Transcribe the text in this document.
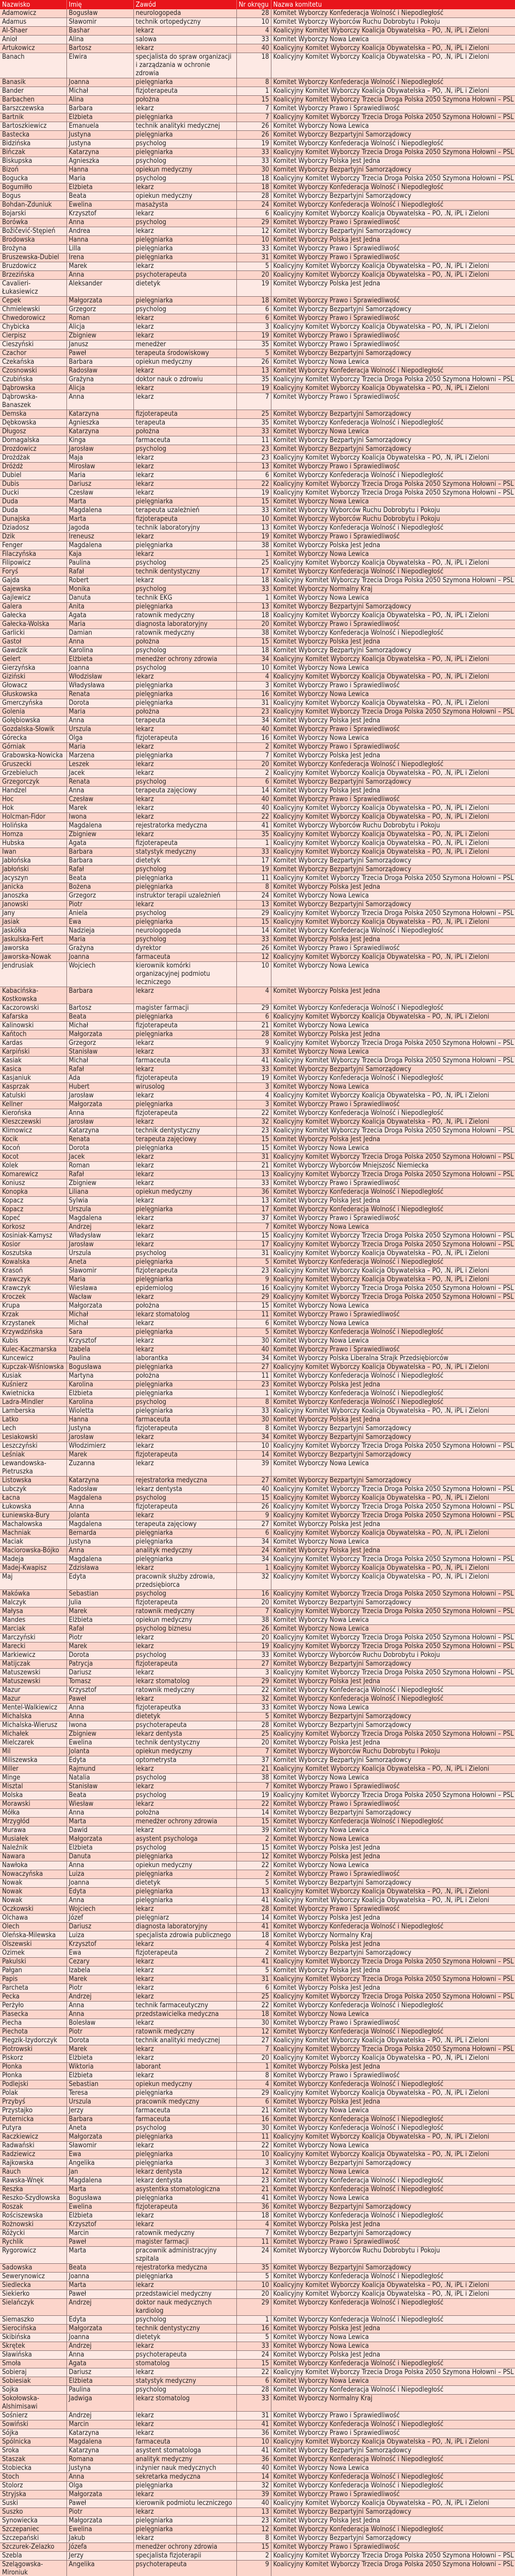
Nazwisko	Imię	Zawód	Nr okręgu	Nazwa komitetu
Adamowicz	Bogusław	neurologopeda	28	Komitet Wyborczy Konfederacja Wolność i Niepodległość
Adamus	Sławomir	technik ortopedyczny	10	Komitet Wyborczy Wyborców Ruchu Dobrobytu i Pokoju
Al-Shaer	Bashar	lekarz	4	Koalicyjny Komitet Wyborczy Koalicja Obywatelska – PO, .N, iPL i Zieloni
Anioł	Alina	salowa	33	Komitet Wyborczy Nowa Lewica
Artukowicz	Bartosz	lekarz	40	Koalicyjny Komitet Wyborczy Koalicja Obywatelska – PO, .N, iPL i Zieloni
Banach	Elwira	specjalista do spraw organizacji i zarządzania w ochronie zdrowia	18	Koalicyjny Komitet Wyborczy Koalicja Obywatelska – PO, .N, iPL i Zieloni
Banasik	Joanna	pielęgniarka	8	Komitet Wyborczy Konfederacja Wolność i Niepodległość
Bander	Michał	fizjoterapeuta	1	Koalicyjny Komitet Wyborczy Koalicja Obywatelska – PO, .N, iPL i Zieloni
Barbachen	Alina	położna	15	Koalicyjny Komitet Wyborczy Trzecia Droga Polska 2050 Szymona Hołowni – PSL
Barszczewska	Barbara	lekarz	7	Komitet Wyborczy Prawo i Sprawiedliwość
Bartnik	Elżbieta	pielęgniarka	7	Koalicyjny Komitet Wyborczy Trzecia Droga Polska 2050 Szymona Hołowni – PSL
Bartoszkiewicz	Emanuela	technik analityki medycznej	26	Komitet Wyborczy Nowa Lewica
Bastecka	Justyna	pielęgniarka	26	Komitet Wyborczy Bezpartyjni Samorządowcy
Bidzińska	Justyna	psycholog	19	Komitet Wyborczy Konfederacja Wolność i Niepodległość
Bińczak	Katarzyna	pielęgniarka	33	Koalicyjny Komitet Wyborczy Trzecia Droga Polska 2050 Szymona Hołowni – PSL
Biskupska	Agnieszka	psycholog	33	Komitet Wyborczy Polska Jest Jedna
Bizoń	Hanna	opiekun medyczny	30	Komitet Wyborczy Bezpartyjni Samorządowcy
Bogucka	Maria	psycholog	18	Koalicyjny Komitet Wyborczy Trzecia Droga Polska 2050 Szymona Hołowni – PSL
Bogumiłło	Elżbieta	lekarz	18	Komitet Wyborczy Konfederacja Wolność i Niepodległość
Bogus	Beata	opiekun medyczny	28	Komitet Wyborczy Bezpartyjni Samorządowcy
Bohdan-Zduniuk	Ewelina	masażysta	24	Komitet Wyborczy Konfederacja Wolność i Niepodległość
Bojarski	Krzysztof	lekarz	6	Koalicyjny Komitet Wyborczy Koalicja Obywatelska – PO, .N, iPL i Zieloni
Borówka	Anna	psycholog	29	Komitet Wyborczy Prawo i Sprawiedliwość
Božičević-Stępień	Andrea	lekarz	12	Komitet Wyborczy Bezpartyjni Samorządowcy
Brodowska	Hanna	pielęgniarka	10	Komitet Wyborczy Polska Jest Jedna
Brożyna	Lilla	pielęgniarka	33	Komitet Wyborczy Prawo i Sprawiedliwość
Bruszewska-Dubiel	Irena	pielęgniarka	31	Komitet Wyborczy Prawo i Sprawiedliwość
Bruzdowicz	Marek	lekarz	5	Koalicyjny Komitet Wyborczy Koalicja Obywatelska – PO, .N, iPL i Zieloni
Brzezińska	Anna	psychoterapeuta	20	Koalicyjny Komitet Wyborczy Koalicja Obywatelska – PO, .N, iPL i Zieloni
Cavalieri-Łukasiewicz	Aleksander	dietetyk	19	Komitet Wyborczy Polska Jest Jedna
Cepek	Małgorzata	pielęgniarka	18	Komitet Wyborczy Prawo i Sprawiedliwość
Chmielewski	Grzegorz	psycholog	6	Komitet Wyborczy Bezpartyjni Samorządowcy
Chwedorowicz	Roman	lekarz	6	Komitet Wyborczy Prawo i Sprawiedliwość
Chybicka	Alicja	lekarz	3	Koalicyjny Komitet Wyborczy Koalicja Obywatelska – PO, .N, iPL i Zieloni
Cierpisz	Zbigniew	lekarz	19	Komitet Wyborczy Prawo i Sprawiedliwość
Cieszyński	Janusz	menedżer	35	Komitet Wyborczy Prawo i Sprawiedliwość
Czachor	Paweł	terapeuta środowiskowy	5	Komitet Wyborczy Bezpartyjni Samorządowcy
Czekańska	Barbara	opiekun medyczny	26	Komitet Wyborczy Nowa Lewica
Czosnowski	Radosław	lekarz	13	Komitet Wyborczy Konfederacja Wolność i Niepodległość
Czubińska	Grażyna	doktor nauk o zdrowiu	35	Koalicyjny Komitet Wyborczy Trzecia Droga Polska 2050 Szymona Hołowni – PSL
Dąbrowska	Alicja	lekarz	19	Koalicyjny Komitet Wyborczy Koalicja Obywatelska – PO, .N, iPL i Zieloni
Dąbrowska-Banaszek	Anna	lekarz	7	Komitet Wyborczy Prawo i Sprawiedliwość
Demska	Katarzyna	fizjoterapeuta	25	Komitet Wyborczy Bezpartyjni Samorządowcy
Dębkowska	Agnieszka	terapeuta	35	Komitet Wyborczy Konfederacja Wolność i Niepodległość
Długosz	Katarzyna	położna	33	Komitet Wyborczy Nowa Lewica
Domagalska	Kinga	farmaceuta	11	Komitet Wyborczy Bezpartyjni Samorządowcy
Drozdowicz	Jarosław	psycholog	23	Komitet Wyborczy Bezpartyjni Samorządowcy
Drożdżak	Maja	lekarz	23	Koalicyjny Komitet Wyborczy Koalicja Obywatelska – PO, .N, iPL i Zieloni
Dróżdż	Mirosław	lekarz	13	Komitet Wyborczy Prawo i Sprawiedliwość
Dubiel	Maria	lekarz	6	Komitet Wyborczy Konfederacja Wolność i Niepodległość
Dubis	Dariusz	lekarz	22	Koalicyjny Komitet Wyborczy Trzecia Droga Polska 2050 Szymona Hołowni – PSL
Ducki	Czesław	lekarz	19	Koalicyjny Komitet Wyborczy Trzecia Droga Polska 2050 Szymona Hołowni – PSL
Duda	Marta	pielęgniarka	15	Komitet Wyborczy Nowa Lewica
Duda	Magdalena	terapeuta uzależnień	33	Komitet Wyborczy Wyborców Ruchu Dobrobytu i Pokoju
Dunajska	Marta	fizjoterapeuta	10	Komitet Wyborczy Wyborców Ruchu Dobrobytu i Pokoju
Dziadosz	Jagoda	technik laboratoryjny	13	Komitet Wyborczy Konfederacja Wolność i Niepodległość
Dzik	Ireneusz	lekarz	19	Komitet Wyborczy Prawo i Sprawiedliwość
Fenger	Magdalena	pielęgniarka	38	Komitet Wyborczy Polska Jest Jedna
Filaczyńska	Kaja	lekarz	1	Komitet Wyborczy Nowa Lewica
Filipowicz	Paulina	psycholog	25	Koalicyjny Komitet Wyborczy Koalicja Obywatelska – PO, .N, iPL i Zieloni
Foryś	Rafał	technik dentystyczny	17	Komitet Wyborczy Konfederacja Wolność i Niepodległość
Gajda	Robert	lekarz	18	Koalicyjny Komitet Wyborczy Trzecia Droga Polska 2050 Szymona Hołowni – PSL
Gajewska	Monika	psycholog	33	Komitet Wyborczy Normalny Kraj
Gajlewicz	Danuta	technik EKG	1	Komitet Wyborczy Nowa Lewica
Galera	Anita	pielęgniarka	13	Komitet Wyborczy Bezpartyjni Samorządowcy
Gałecka	Agata	ratownik medyczny	18	Koalicyjny Komitet Wyborczy Koalicja Obywatelska – PO, .N, iPL i Zieloni
Gałecka-Wolska	Maria	diagnosta laboratoryjny	20	Komitet Wyborczy Prawo i Sprawiedliwość
Garlicki	Damian	ratownik medyczny	38	Komitet Wyborczy Konfederacja Wolność i Niepodległość
Gastoł	Anna	położna	15	Komitet Wyborczy Polska Jest Jedna
Gawdzik	Karolina	psycholog	18	Komitet Wyborczy Bezpartyjni Samorządowcy
Gelert	Elżbieta	menedżer ochrony zdrowia	34	Koalicyjny Komitet Wyborczy Koalicja Obywatelska – PO, .N, iPL i Zieloni
Gierzyńska	Joanna	psycholog	10	Komitet Wyborczy Nowa Lewica
Giziński	Włodzisław	lekarz	4	Koalicyjny Komitet Wyborczy Koalicja Obywatelska – PO, .N, iPL i Zieloni
Głowacz	Władysława	pielęgniarka	3	Komitet Wyborczy Prawo i Sprawiedliwość
Głuskowska	Renata	pielęgniarka	16	Komitet Wyborczy Nowa Lewica
Gmerczyńska	Dorota	pielęgniarka	31	Koalicyjny Komitet Wyborczy Koalicja Obywatelska – PO, .N, iPL i Zieloni
Golenia	Maria	położna	23	Koalicyjny Komitet Wyborczy Trzecia Droga Polska 2050 Szymona Hołowni – PSL
Gołębiowska	Anna	terapeuta	34	Komitet Wyborczy Polska Jest Jedna
Gozdalska-Słowik	Urszula	lekarz	40	Komitet Wyborczy Prawo i Sprawiedliwość
Górecka	Olga	fizjoterapeuta	16	Komitet Wyborczy Nowa Lewica
Górniak	Maria	lekarz	2	Komitet Wyborczy Prawo i Sprawiedliwość
Grabowska-Nowicka	Marzena	pielęgniarka	7	Komitet Wyborczy Polska Jest Jedna
Gruszecki	Leszek	lekarz	20	Komitet Wyborczy Konfederacja Wolność i Niepodległość
Grzebieluch	Jacek	lekarz	2	Koalicyjny Komitet Wyborczy Koalicja Obywatelska – PO, .N, iPL i Zieloni
Grzegorczyk	Renata	psycholog	6	Komitet Wyborczy Bezpartyjni Samorządowcy
Handzel	Anna	terapeuta zajęciowy	14	Komitet Wyborczy Polska Jest Jedna
Hoc	Czesław	lekarz	40	Komitet Wyborczy Prawo i Sprawiedliwość
Hok	Marek	lekarz	40	Koalicyjny Komitet Wyborczy Koalicja Obywatelska – PO, .N, iPL i Zieloni
Holcman-Fidor	Iwona	lekarz	22	Koalicyjny Komitet Wyborczy Koalicja Obywatelska – PO, .N, iPL i Zieloni
Holińska	Magdalena	rejestratorka medyczna	41	Komitet Wyborczy Wyborców Ruchu Dobrobytu i Pokoju
Homza	Zbigniew	lekarz	35	Koalicyjny Komitet Wyborczy Koalicja Obywatelska – PO, .N, iPL i Zieloni
Hubska	Agata	fizjoterapeuta	1	Koalicyjny Komitet Wyborczy Koalicja Obywatelska – PO, .N, iPL i Zieloni
Iwan	Barbara	statystyk medyczny	33	Koalicyjny Komitet Wyborczy Koalicja Obywatelska – PO, .N, iPL i Zieloni
Jabłońska	Barbara	dietetyk	17	Komitet Wyborczy Bezpartyjni Samorządowcy
Jabłoński	Rafał	psycholog	19	Komitet Wyborczy Bezpartyjni Samorządowcy
Jacyszyn	Beata	pielęgniarka	11	Koalicyjny Komitet Wyborczy Trzecia Droga Polska 2050 Szymona Hołowni – PSL
Janicka	Bożena	pielęgniarka	8	Komitet Wyborczy Polska Jest Jedna
Janoszka	Grzegorz	instruktor terapii uzależnień	24	Komitet Wyborczy Nowa Lewica
Janowski	Piotr	lekarz	13	Komitet Wyborczy Bezpartyjni Samorządowcy
Jany	Aniela	psycholog	29	Koalicyjny Komitet Wyborczy Trzecia Droga Polska 2050 Szymona Hołowni – PSL
Jasiak	Ewa	pielęgniarka	15	Koalicyjny Komitet Wyborczy Koalicja Obywatelska – PO, .N, iPL i Zieloni
Jaskółka	Nadzieja	neurologopeda	14	Komitet Wyborczy Konfederacja Wolność i Niepodległość
Jaskulska-Fert	Maria	psycholog	33	Komitet Wyborczy Polska Jest Jedna
Jaworska	Grażyna	dyrektor	26	Komitet Wyborczy Prawo i Sprawiedliwość
Jaworska-Nowak	Joanna	farmaceuta	12	Koalicyjny Komitet Wyborczy Koalicja Obywatelska – PO, .N, iPL i Zieloni
Jendrusiak	Wojciech	kierownik komórki organizacyjnej podmiotu leczniczego	10	Komitet Wyborczy Nowa Lewica
Kabacińska-Kostkowska	Barbara	lekarz	4	Komitet Wyborczy Polska Jest Jedna
Kaczorowski	Bartosz	magister farmacji	29	Komitet Wyborczy Konfederacja Wolność i Niepodległość
Kafarska	Beata	pielęgniarka	6	Koalicyjny Komitet Wyborczy Koalicja Obywatelska – PO, .N, iPL i Zieloni
Kalinowski	Michał	fizjoterapeuta	21	Komitet Wyborczy Nowa Lewica
Kańtoch	Małgorzata	pielęgniarka	28	Komitet Wyborczy Polska Jest Jedna
Kardas	Grzegorz	lekarz	9	Koalicyjny Komitet Wyborczy Trzecia Droga Polska 2050 Szymona Hołowni – PSL
Karpiński	Stanisław	lekarz	33	Komitet Wyborczy Nowa Lewica
Kasiak	Michał	farmaceuta	41	Koalicyjny Komitet Wyborczy Trzecia Droga Polska 2050 Szymona Hołowni – PSL
Kasica	Rafał	lekarz	33	Komitet Wyborczy Bezpartyjni Samorządowcy
Kasjaniuk	Ada	fizjoterapeuta	19	Komitet Wyborczy Konfederacja Wolność i Niepodległość
Kasprzak	Hubert	wirusolog	3	Komitet Wyborczy Nowa Lewica
Katulski	Jarosław	lekarz	4	Koalicyjny Komitet Wyborczy Koalicja Obywatelska – PO, .N, iPL i Zieloni
Kellner	Małgorzata	pielęgniarka	3	Komitet Wyborczy Prawo i Sprawiedliwość
Kierońska	Anna	fizjoterapeuta	22	Komitet Wyborczy Konfederacja Wolność i Niepodległość
Kleszczewski	Jarosław	lekarz	32	Koalicyjny Komitet Wyborczy Koalicja Obywatelska – PO, .N, iPL i Zieloni
Klimowicz	Katarzyna	technik dentystyczny	23	Koalicyjny Komitet Wyborczy Trzecia Droga Polska 2050 Szymona Hołowni – PSL
Kocik	Renata	terapeuta zajęciowy	15	Komitet Wyborczy Polska Jest Jedna
Kocoń	Dorota	pielęgniarka	15	Komitet Wyborczy Nowa Lewica
Kocot	Jacek	lekarz	31	Koalicyjny Komitet Wyborczy Trzecia Droga Polska 2050 Szymona Hołowni – PSL
Kolek	Roman	lekarz	21	Komitet Wyborczy Wyborców Mniejszość Niemiecka
Komarewicz	Rafał	lekarz	13	Koalicyjny Komitet Wyborczy Trzecia Droga Polska 2050 Szymona Hołowni – PSL
Koniusz	Zbigniew	lekarz	33	Komitet Wyborczy Prawo i Sprawiedliwość
Konopka	Liliana	opiekun medyczny	36	Komitet Wyborczy Konfederacja Wolność i Niepodległość
Kopacz	Sylwia	lekarz	13	Komitet Wyborczy Polska Jest Jedna
Kopacz	Urszula	pielęgniarka	17	Komitet Wyborczy Konfederacja Wolność i Niepodległość
Kopeć	Magdalena	lekarz	37	Komitet Wyborczy Prawo i Sprawiedliwość
Korkosz	Andrzej	lekarz	7	Komitet Wyborczy Nowa Lewica
Kosiniak-Kamysz	Władysław	lekarz	15	Koalicyjny Komitet Wyborczy Trzecia Droga Polska 2050 Szymona Hołowni – PSL
Kosior	Jarosław	lekarz	17	Koalicyjny Komitet Wyborczy Trzecia Droga Polska 2050 Szymona Hołowni – PSL
Koszutska	Urszula	psycholog	31	Koalicyjny Komitet Wyborczy Koalicja Obywatelska – PO, .N, iPL i Zieloni
Kowalska	Aneta	pielęgniarka	5	Komitet Wyborczy Konfederacja Wolność i Niepodległość
Krasoń	Sławomir	fizjoterapeuta	23	Koalicyjny Komitet Wyborczy Koalicja Obywatelska – PO, .N, iPL i Zieloni
Krawczyk	Maria	pielęgniarka	9	Koalicyjny Komitet Wyborczy Koalicja Obywatelska – PO, .N, iPL i Zieloni
Krawczyk	Wiesława	epidemiolog	16	Koalicyjny Komitet Wyborczy Trzecia Droga Polska 2050 Szymona Hołowni – PSL
Kroczek	Wacław	lekarz	29	Koalicyjny Komitet Wyborczy Trzecia Droga Polska 2050 Szymona Hołowni – PSL
Krupa	Małgorzata	położna	15	Komitet Wyborczy Nowa Lewica
Krzak	Michał	lekarz stomatolog	11	Komitet Wyborczy Prawo i Sprawiedliwość
Krzystanek	Michał	lekarz	6	Komitet Wyborczy Nowa Lewica
Krzywdzińska	Sara	pielęgniarka	5	Komitet Wyborczy Konfederacja Wolność i Niepodległość
Kubis	Krzysztof	lekarz	30	Komitet Wyborczy Nowa Lewica
Kulec-Kaczmarska	Izabela	lekarz	40	Komitet Wyborczy Prawo i Sprawiedliwość
Kuncewicz	Paulina	laborantka	34	Komitet Wyborczy Polska Liberalna Strajk Przedsiębiorców
Kupczak-Wiśniowska	Bogusława	pielęgniarka	27	Koalicyjny Komitet Wyborczy Koalicja Obywatelska – PO, .N, iPL i Zieloni
Kusiak	Martyna	położna	11	Komitet Wyborczy Konfederacja Wolność i Niepodległość
Kuśnierz	Karolina	pielęgniarka	23	Komitet Wyborczy Polska Jest Jedna
Kwietnicka	Elżbieta	pielęgniarka	1	Komitet Wyborczy Konfederacja Wolność i Niepodległość
Ladra-Mindler	Karolina	psycholog	8	Komitet Wyborczy Konfederacja Wolność i Niepodległość
Lamberska	Wioletta	pielęgniarka	33	Koalicyjny Komitet Wyborczy Koalicja Obywatelska – PO, .N, iPL i Zieloni
Latko	Hanna	farmaceuta	30	Komitet Wyborczy Polska Jest Jedna
Lech	Justyna	fizjoterapeuta	8	Komitet Wyborczy Bezpartyjni Samorządowcy
Lesiakowski	Jarosław	lekarz	34	Komitet Wyborczy Bezpartyjni Samorządowcy
Leszczyński	Włodzimierz	lekarz	10	Koalicyjny Komitet Wyborczy Trzecia Droga Polska 2050 Szymona Hołowni – PSL
Leśniak	Marek	fizjoterapeuta	14	Komitet Wyborczy Bezpartyjni Samorządowcy
Lewandowska-Pietruszka	Zuzanna	lekarz	39	Komitet Wyborczy Nowa Lewica
Listowska	Katarzyna	rejestratorka medyczna	27	Komitet Wyborczy Bezpartyjni Samorządowcy
Lubczyk	Radosław	lekarz dentysta	40	Koalicyjny Komitet Wyborczy Trzecia Droga Polska 2050 Szymona Hołowni – PSL
Łacna	Magdalena	psycholog	15	Koalicyjny Komitet Wyborczy Koalicja Obywatelska – PO, .N, iPL i Zieloni
Łukowska	Anna	fizjoterapeuta	26	Koalicyjny Komitet Wyborczy Trzecia Droga Polska 2050 Szymona Hołowni – PSL
Łuniewska-Bury	Jolanta	lekarz	9	Koalicyjny Komitet Wyborczy Trzecia Droga Polska 2050 Szymona Hołowni – PSL
Machałowska	Magdalena	terapeuta zajęciowy	27	Komitet Wyborczy Polska Jest Jedna
Machniak	Bernarda	pielęgniarka	6	Koalicyjny Komitet Wyborczy Koalicja Obywatelska – PO, .N, iPL i Zieloni
Maciak	Justyna	pielęgniarka	34	Komitet Wyborczy Nowa Lewica
Maciorowska-Bójko	Anna	analityk medyczny	24	Komitet Wyborczy Polska Jest Jedna
Madeja	Magdalena	pielęgniarka	34	Koalicyjny Komitet Wyborczy Trzecia Droga Polska 2050 Szymona Hołowni – PSL
Madej-Kwapisz	Zdzisława	lekarz	1	Koalicyjny Komitet Wyborczy Koalicja Obywatelska – PO, .N, iPL i Zieloni
Maj	Edyta	pracownik służby zdrowia, przedsiębiorca	32	Koalicyjny Komitet Wyborczy Koalicja Obywatelska – PO, .N, iPL i Zieloni
Makówka	Sebastian	psycholog	16	Koalicyjny Komitet Wyborczy Trzecia Droga Polska 2050 Szymona Hołowni – PSL
Malczyk	Julia	fizjoterapeuta	20	Komitet Wyborczy Bezpartyjni Samorządowcy
Małysa	Marek	ratownik medyczny	7	Koalicyjny Komitet Wyborczy Trzecia Droga Polska 2050 Szymona Hołowni – PSL
Mandes	Elżbieta	opiekun medyczny	38	Komitet Wyborczy Nowa Lewica
Marciak	Rafał	psycholog biznesu	26	Komitet Wyborczy Nowa Lewica
Marczyński	Piotr	lekarz	20	Koalicyjny Komitet Wyborczy Trzecia Droga Polska 2050 Szymona Hołowni – PSL
Marecki	Marek	lekarz	19	Koalicyjny Komitet Wyborczy Trzecia Droga Polska 2050 Szymona Hołowni – PSL
Markiewicz	Dorota	psycholog	33	Komitet Wyborczy Wyborców Ruchu Dobrobytu i Pokoju
Matijczak	Patrycja	fizjoterapeuta	27	Komitet Wyborczy Bezpartyjni Samorządowcy
Matuszewski	Dariusz	lekarz	3	Koalicyjny Komitet Wyborczy Trzecia Droga Polska 2050 Szymona Hołowni – PSL
Matuszewski	Tomasz	lekarz stomatolog	29	Komitet Wyborczy Polska Jest Jedna
Mazur	Krzysztof	ratownik medyczny	22	Komitet Wyborczy Konfederacja Wolność i Niepodległość
Mazur	Paweł	lekarz	32	Komitet Wyborczy Konfederacja Wolność i Niepodległość
Mentel-Walkiewicz	Anna	fizjoterapeutka	33	Komitet Wyborczy Nowa Lewica
Michalska	Anna	dietetyk	5	Komitet Wyborczy Bezpartyjni Samorządowcy
Michalska-Wierusz	Iwona	psychoterapeuta	28	Komitet Wyborczy Bezpartyjni Samorządowcy
Michałek	Zbigniew	lekarz dentysta	25	Koalicyjny Komitet Wyborczy Trzecia Droga Polska 2050 Szymona Hołowni – PSL
Mielczarek	Ewelina	technik dentystyczny	20	Komitet Wyborczy Polska Jest Jedna
Mil	Jolanta	opiekun medyczny	7	Komitet Wyborczy Wyborców Ruchu Dobrobytu i Pokoju
Miliszewska	Edyta	optometrysta	37	Komitet Wyborczy Bezpartyjni Samorządowcy
Miller	Rajmund	lekarz	21	Koalicyjny Komitet Wyborczy Koalicja Obywatelska – PO, .N, iPL i Zieloni
Minge	Natalia	psycholog	38	Komitet Wyborczy Nowa Lewica
Misztal	Stanisław	lekarz	7	Komitet Wyborczy Prawo i Sprawiedliwość
Molska	Beata	psycholog	19	Koalicyjny Komitet Wyborczy Trzecia Droga Polska 2050 Szymona Hołowni – PSL
Morawski	Wiesław	lekarz	22	Komitet Wyborczy Prawo i Sprawiedliwość
Mółka	Anna	położna	14	Komitet Wyborczy Bezpartyjni Samorządowcy
Mrzygłód	Marta	menedżer ochrony zdrowia	15	Komitet Wyborczy Konfederacja Wolność i Niepodległość
Murawa	Dawid	lekarz	39	Komitet Wyborczy Nowa Lewica
Musiałek	Małgorzata	asystent psychologa	2	Komitet Wyborczy Nowa Lewica
Naleźnik	Elżbieta	psycholog	15	Komitet Wyborczy Polska Jest Jedna
Nawara	Danuta	pielęgniarka	12	Komitet Wyborczy Polska Jest Jedna
Nawłoka	Anna	opiekun medyczny	22	Komitet Wyborczy Nowa Lewica
Nowaczyńska	Luiza	pielęgniarka	2	Komitet Wyborczy Prawo i Sprawiedliwość
Nowak	Joanna	dietetyk	5	Komitet Wyborczy Bezpartyjni Samorządowcy
Nowak	Edyta	pielęgniarka	13	Koalicyjny Komitet Wyborczy Koalicja Obywatelska – PO, .N, iPL i Zieloni
Nowak	Anna	pielęgniarka	41	Koalicyjny Komitet Wyborczy Koalicja Obywatelska – PO, .N, iPL i Zieloni
Oczkowski	Wojciech	lekarz	28	Komitet Wyborczy Prawo i Sprawiedliwość
Olchawa	Józef	pielęgniarz	14	Komitet Wyborczy Polska Jest Jedna
Olech	Dariusz	diagnosta laboratoryjny	41	Komitet Wyborczy Konfederacja Wolność i Niepodległość
Oleńska-Milewska	Luiza	specjalista zdrowia publicznego	18	Komitet Wyborczy Normalny Kraj
Olszewski	Krzysztof	lekarz	4	Komitet Wyborczy Polska Jest Jedna
Ozimek	Ewa	fizjoterapeuta	2	Komitet Wyborczy Bezpartyjni Samorządowcy
Pakulski	Cezary	lekarz	41	Koalicyjny Komitet Wyborczy Trzecia Droga Polska 2050 Szymona Hołowni – PSL
Pałgan	Izabela	lekarz	5	Komitet Wyborczy Polska Jest Jedna
Papis	Marek	lekarz	31	Koalicyjny Komitet Wyborczy Trzecia Droga Polska 2050 Szymona Hołowni – PSL
Parcheta	Piotr	lekarz	6	Komitet Wyborczy Polska Jest Jedna
Pecka	Andrzej	lekarz	25	Koalicyjny Komitet Wyborczy Trzecia Droga Polska 2050 Szymona Hołowni – PSL
Perżyło	Anna	technik farmaceutyczny	22	Komitet Wyborczy Konfederacja Wolność i Niepodległość
Piasecka	Anna	przedstawicielka medyczna	18	Komitet Wyborczy Nowa Lewica
Piecha	Bolesław	lekarz	30	Komitet Wyborczy Prawo i Sprawiedliwość
Piechota	Piotr	ratownik medyczny	12	Komitet Wyborczy Konfederacja Wolność i Niepodległość
Piegzik-Izydorczyk	Dorota	technik analityki medycznej	27	Koalicyjny Komitet Wyborczy Koalicja Obywatelska – PO, .N, iPL i Zieloni
Piotrowski	Marek	lekarz	7	Koalicyjny Komitet Wyborczy Trzecia Droga Polska 2050 Szymona Hołowni – PSL
Piskorz	Elżbieta	lekarz	20	Koalicyjny Komitet Wyborczy Koalicja Obywatelska – PO, .N, iPL i Zieloni
Płonka	Wiktoria	laborant	1	Komitet Wyborczy Polska Jest Jedna
Płonka	Elżbieta	lekarz	8	Komitet Wyborczy Prawo i Sprawiedliwość
Podlejski	Sebastian	opiekun medyczny	4	Komitet Wyborczy Konfederacja Wolność i Niepodległość
Polak	Teresa	pielęgniarka	29	Koalicyjny Komitet Wyborczy Koalicja Obywatelska – PO, .N, iPL i Zieloni
Przybyś	Urszula	pracownik medyczny	6	Komitet Wyborczy Polska Jest Jedna
Przystajko	Jerzy	farmaceuta	21	Komitet Wyborczy Nowa Lewica
Puternicka	Barbara	farmaceuta	16	Komitet Wyborczy Konfederacja Wolność i Niepodległość
Putyra	Aneta	psycholog	30	Komitet Wyborczy Konfederacja Wolność i Niepodległość
Raczkiewicz	Małgorzata	pielęgniarka	11	Koalicyjny Komitet Wyborczy Koalicja Obywatelska – PO, .N, iPL i Zieloni
Radwański	Sławomir	lekarz	22	Komitet Wyborczy Nowa Lewica
Radziewicz	Ewa	pielęgniarka	10	Koalicyjny Komitet Wyborczy Koalicja Obywatelska – PO, .N, iPL i Zieloni
Rajkowska	Angelika	pielęgniarka	3	Komitet Wyborczy Bezpartyjni Samorządowcy
Rauch	Jan	lekarz dentysta	12	Komitet Wyborczy Nowa Lewica
Rawska-Wnęk	Magdalena	lekarz dentysta	23	Komitet Wyborczy Konfederacja Wolność i Niepodległość
Reszka	Marta	asystentka stomatologiczna	21	Komitet Wyborczy Konfederacja Wolność i Niepodległość
Reszko-Szydłowska	Bogusława	pielęgniarka	41	Komitet Wyborczy Nowa Lewica
Roszak	Ewelina	fizjoterapeuta	36	Komitet Wyborczy Bezpartyjni Samorządowcy
Rościszewska	Elżbieta	lekarz	18	Komitet Wyborczy Konfederacja Wolność i Niepodległość
Rożnowski	Krzysztof	lekarz	4	Komitet Wyborczy Polska Jest Jedna
Różycki	Marcin	ratownik medyczny	7	Komitet Wyborczy Bezpartyjni Samorządowcy
Rychlik	Paweł	magister farmacji	11	Komitet Wyborczy Prawo i Sprawiedliwość
Rygorowicz	Marta	pracownik administracyjny szpitala	24	Komitet Wyborczy Wyborców Ruchu Dobrobytu i Pokoju
Sadowska	Beata	rejestratorka medyczna	35	Komitet Wyborczy Bezpartyjni Samorządowcy
Sewerynowicz	Joanna	pielęgniarka	5	Komitet Wyborczy Konfederacja Wolność i Niepodległość
Siedlecka	Marta	lekarz	10	Koalicyjny Komitet Wyborczy Koalicja Obywatelska – PO, .N, iPL i Zieloni
Siekierko	Paweł	przedstawiciel medyczny	20	Koalicyjny Komitet Wyborczy Koalicja Obywatelska – PO, .N, iPL i Zieloni
Sielańczyk	Andrzej	doktor nauk medycznych kardiolog	29	Komitet Wyborczy Konfederacja Wolność i Niepodległość
Siemaszko	Edyta	psycholog	1	Komitet Wyborczy Konfederacja Wolność i Niepodległość
Sierocińska	Małgorzata	technik dentystyczny	16	Komitet Wyborczy Polska Jest Jedna
Skibińska	Joanna	dietetyk	5	Komitet Wyborczy Nowa Lewica
Skrętek	Andrzej	lekarz	33	Komitet Wyborczy Nowa Lewica
Sławińska	Anna	psychoterapeuta	24	Komitet Wyborczy Polska Jest Jedna
Smoła	Agata	stomatolog	15	Komitet Wyborczy Konfederacja Wolność i Niepodległość
Sobieraj	Dariusz	lekarz	22	Koalicyjny Komitet Wyborczy Trzecia Droga Polska 2050 Szymona Hołowni – PSL
Sobiesiak	Elżbieta	statystyk medyczny	6	Komitet Wyborczy Nowa Lewica
Sojka	Paulina	psycholog	28	Komitet Wyborczy Konfederacja Wolność i Niepodległość
Sokołowska-Alshimisawi	Jadwiga	lekarz stomatolog	33	Komitet Wyborczy Normalny Kraj
Sośnierz	Andrzej	lekarz	31	Komitet Wyborczy Prawo i Sprawiedliwość
Sowiński	Marcin	lekarz	41	Komitet Wyborczy Konfederacja Wolność i Niepodległość
Sójka	Katarzyna	lekarz	36	Komitet Wyborczy Prawo i Sprawiedliwość
Spólnicka	Magdalena	farmaceuta	10	Koalicyjny Komitet Wyborczy Koalicja Obywatelska – PO, .N, iPL i Zieloni
Sroka	Katarzyna	asystent stomatologa	41	Komitet Wyborczy Bezpartyjni Samorządowcy
Staszak	Romana	analityk medyczny	36	Komitet Wyborczy Konfederacja Wolność i Niepodległość
Stobiecka	Justyna	inżynier nauk medycznych	40	Komitet Wyborczy Nowa Lewica
Stoch	Anna	sekretarka medyczna	14	Komitet Wyborczy Konfederacja Wolność i Niepodległość
Stolorz	Olga	pielęgniarka	32	Komitet Wyborczy Konfederacja Wolność i Niepodległość
Stryjska	Małgorzata	lekarz	39	Komitet Wyborczy Prawo i Sprawiedliwość
Suski	Paweł	kierownik podmiotu leczniczego	40	Koalicyjny Komitet Wyborczy Koalicja Obywatelska – PO, .N, iPL i Zieloni
Suszko	Piotr	lekarz	13	Komitet Wyborczy Bezpartyjni Samorządowcy
Synowiecka	Małgorzata	pielęgniarka	23	Komitet Wyborczy Polska Jest Jedna
Szczepaniec	Ewelina	pielęgniarka	12	Komitet Wyborczy Konfederacja Wolność i Niepodległość
Szczepański	Jakub	lekarz	8	Komitet Wyborczy Bezpartyjni Samorządowcy
Szczurek-Żelazko	Józefa	menedżer ochrony zdrowia	15	Komitet Wyborczy Prawo i Sprawiedliwość
Szebla	Jerzy	specjalista fizjoterapii	2	Koalicyjny Komitet Wyborczy Trzecia Droga Polska 2050 Szymona Hołowni – PSL
Szelągowska-Mironiuk	Angelika	psychoterapeuta	9	Koalicyjny Komitet Wyborczy Trzecia Droga Polska 2050 Szymona Hołowni – PSL
